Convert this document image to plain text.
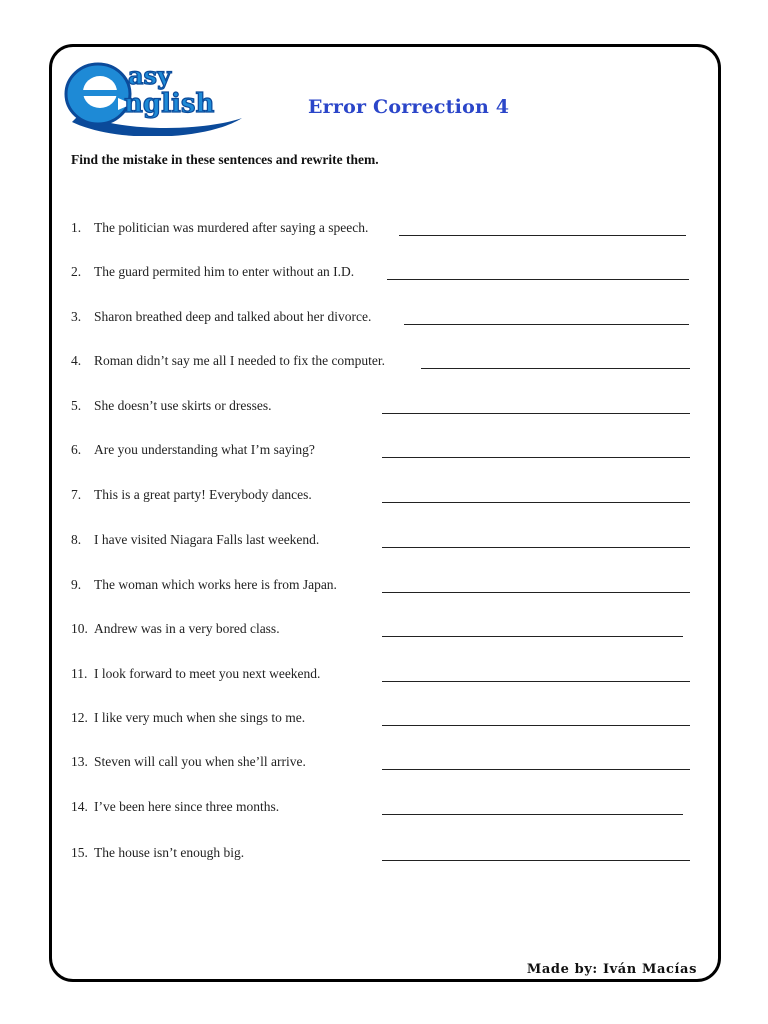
asy
nglish	Error Correction 4
Find the mistake in these sentences and rewrite them.
1. The politician was murdered after saying a speech.
2. The guard permited him to enter without an I.D.
3. Sharon breathed deep and talked about her divorce.
4. Roman didn’t say me all I needed to fix the computer.
5. She doesn’t use skirts or dresses.
6. Are you understanding what I’m saying?
7. This is a great party! Everybody dances.
8. I have visited Niagara Falls last weekend.
9. The woman which works here is from Japan.
10. Andrew was in a very bored class.
11. I look forward to meet you next weekend.
12. I like very much when she sings to me.
13. Steven will call you when she’ll arrive.
14. I’ve been here since three months.
15. The house isn’t enough big.
Made by: Iván Macías
